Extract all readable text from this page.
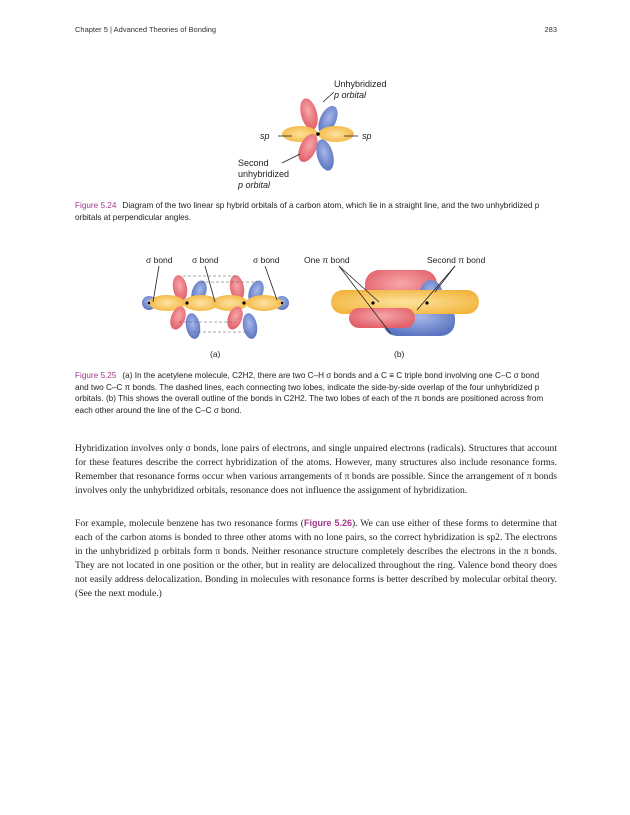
Chapter 5 | Advanced Theories of Bonding	283
Unhybridized
p orbital
sp	sp
Second
unhybridized
p orbital
Figure 5.24 Diagram of the two linear sp hybrid orbitals of a carbon atom, which lie in a straight line, and the two unhybridized p orbitals at perpendicular angles.
σ bond σ bond	σ bond	One π bond	Second π bond
(a)	(b)
Figure 5.25 (a) In the acetylene molecule, C2H2, there are two C–H σ bonds and a C ≡ C triple bond involving one C–C σ bond and two C–C π bonds. The dashed lines, each connecting two lobes, indicate the side-by-side overlap of the four unhybridized p orbitals. (b) This shows the overall outline of the bonds in C2H2. The two lobes of each of the π bonds are positioned across from each other around the line of the C–C σ bond.
Hybridization involves only σ bonds, lone pairs of electrons, and single unpaired electrons (radicals). Structures that account for these features describe the correct hybridization of the atoms. However, many structures also include resonance forms. Remember that resonance forms occur when various arrangements of π bonds are possible. Since the arrangement of π bonds involves only the unhybridized orbitals, resonance does not influence the assignment of hybridization.
For example, molecule benzene has two resonance forms (Figure 5.26). We can use either of these forms to determine that each of the carbon atoms is bonded to three other atoms with no lone pairs, so the correct hybridization is sp2. The electrons in the unhybridized p orbitals form π bonds. Neither resonance structure completely describes the electrons in the π bonds. They are not located in one position or the other, but in reality are delocalized throughout the ring. Valence bond theory does not easily address delocalization. Bonding in molecules with resonance forms is better described by molecular orbital theory. (See the next module.)
